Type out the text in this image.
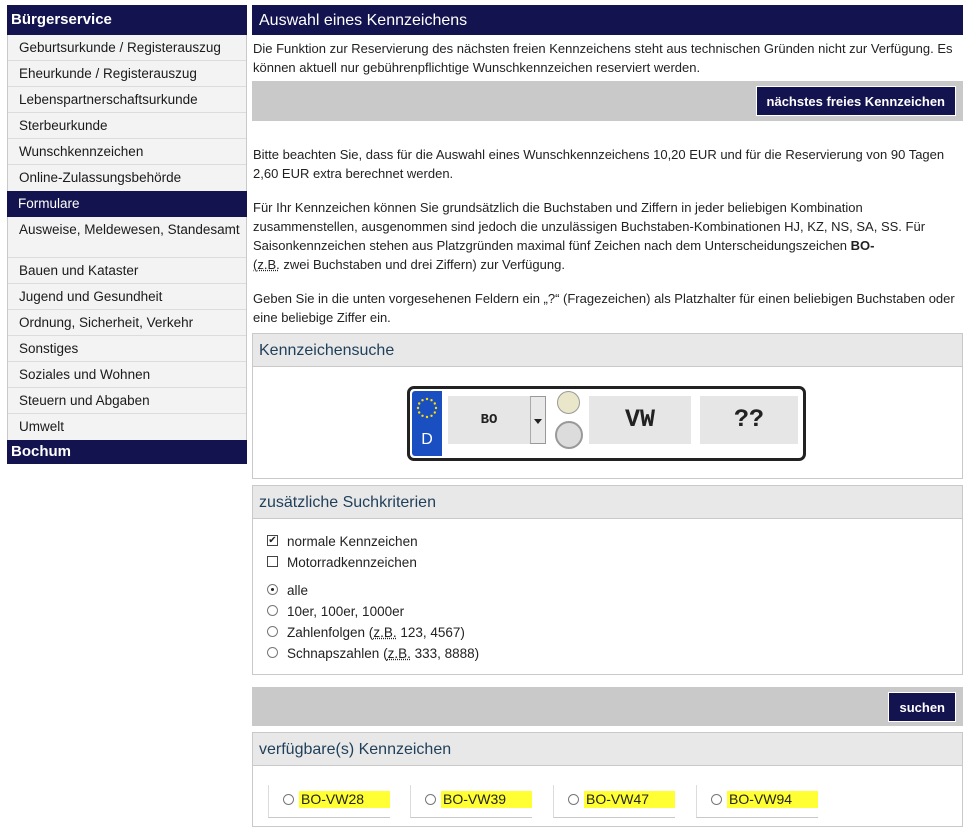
Bürgerservice
Geburtsurkunde / Registerauszug
Eheurkunde / Registerauszug
Lebenspartnerschaftsurkunde
Sterbeurkunde
Wunschkennzeichen
Online-Zulassungsbehörde
Formulare
Ausweise, Meldewesen, Standesamt
Bauen und Kataster
Jugend und Gesundheit
Ordnung, Sicherheit, Verkehr
Sonstiges
Soziales und Wohnen
Steuern und Abgaben
Umwelt
Bochum
Auswahl eines Kennzeichens

Die Funktion zur Reservierung des nächsten freien Kennzeichens steht aus technischen Gründen nicht zur Verfügung. Es können aktuell nur gebührenpflichtige Wunschkennzeichen reserviert werden.

nächstes freies Kennzeichen

Bitte beachten Sie, dass für die Auswahl eines Wunschkennzeichens 10,20 EUR und für die Reservierung von 90 Tagen 2,60 EUR extra berechnet werden.

Für Ihr Kennzeichen können Sie grundsätzlich die Buchstaben und Ziffern in jeder beliebigen Kombination zusammenstellen, ausgenommen sind jedoch die unzulässigen Buchstaben-Kombinationen HJ, KZ, NS, SA, SS. Für Saisonkennzeichen stehen aus Platzgründen maximal fünf Zeichen nach dem Unterscheidungszeichen BO-
(z.B. zwei Buchstaben und drei Ziffern) zur Verfügung.

Geben Sie in die unten vorgesehenen Feldern ein „?“ (Fragezeichen) als Platzhalter für einen beliebigen Buchstaben oder eine beliebige Ziffer ein.

Kennzeichensuche
D
BO	VW	??
zusätzliche Suchkriterien
✔ normale Kennzeichen
Motorradkennzeichen
alle
10er, 100er, 1000er
Zahlenfolgen (z.B. 123, 4567)
Schnapszahlen (z.B. 333, 8888)
suchen
verfügbare(s) Kennzeichen
BO-VW28	BO-VW39	BO-VW47	BO-VW94
